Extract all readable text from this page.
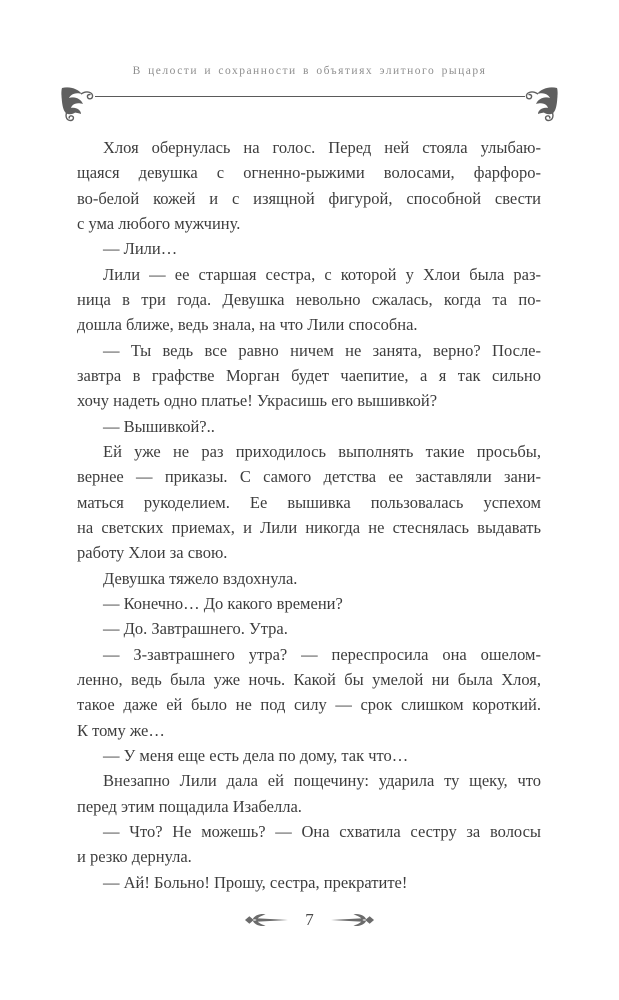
В целости и сохранности в объятиях элитного рыцаря
Хлоя обернулась на голос. Перед ней стояла улыбаю-
щаяся девушка с огненно-рыжими волосами, фарфоро-
во-белой кожей и с изящной фигурой, способной свести
с ума любого мужчину.
— Лили…
Лили — ее старшая сестра, с которой у Хлои была раз-
ница в три года. Девушка невольно сжалась, когда та по-
дошла ближе, ведь знала, на что Лили способна.
— Ты ведь все равно ничем не занята, верно? После-
завтра в графстве Морган будет чаепитие, а я так сильно
хочу надеть одно платье! Украсишь его вышивкой?
— Вышивкой?..
Ей уже не раз приходилось выполнять такие просьбы,
вернее — приказы. С самого детства ее заставляли зани-
маться рукоделием. Ее вышивка пользовалась успехом
на светских приемах, и Лили никогда не стеснялась выдавать
работу Хлои за свою.
Девушка тяжело вздохнула.
— Конечно… До какого времени?
— До. Завтрашнего. Утра.
— З-завтрашнего утра? — переспросила она ошелом-
ленно, ведь была уже ночь. Какой бы умелой ни была Хлоя,
такое даже ей было не под силу — срок слишком короткий.
К тому же…
— У меня еще есть дела по дому, так что…
Внезапно Лили дала ей пощечину: ударила ту щеку, что
перед этим пощадила Изабелла.
— Что? Не можешь? — Она схватила сестру за волосы
и резко дернула.
— Ай! Больно! Прошу, сестра, прекратите!
7
